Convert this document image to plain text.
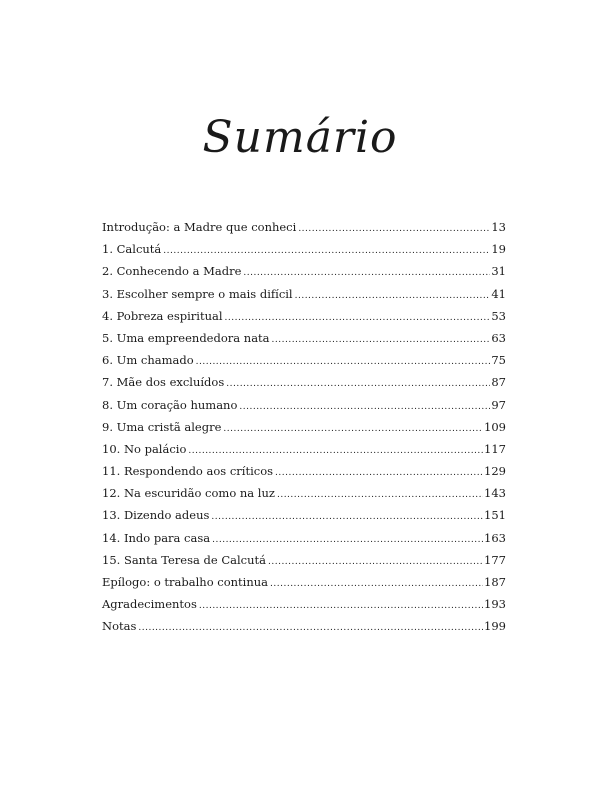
Sumário
Introdução: a Madre que conheci .....	13
1. Calcutá .....	19
2. Conhecendo a Madre .....	31
3. Escolher sempre o mais difícil .....	41
4. Pobreza espiritual .....	53
5. Uma empreendedora nata .....	63
6. Um chamado .....	75
7. Mãe dos excluídos .....	87
8. Um coração humano .....	97
9. Uma cristã alegre .....	109
10. No palácio .....	117
11. Respondendo aos críticos .....	129
12. Na escuridão como na luz .....	143
13. Dizendo adeus .....	151
14. Indo para casa .....	163
15. Santa Teresa de Calcutá .....	177
Epílogo: o trabalho continua .....	187
Agradecimentos .....	193
Notas .....	199
